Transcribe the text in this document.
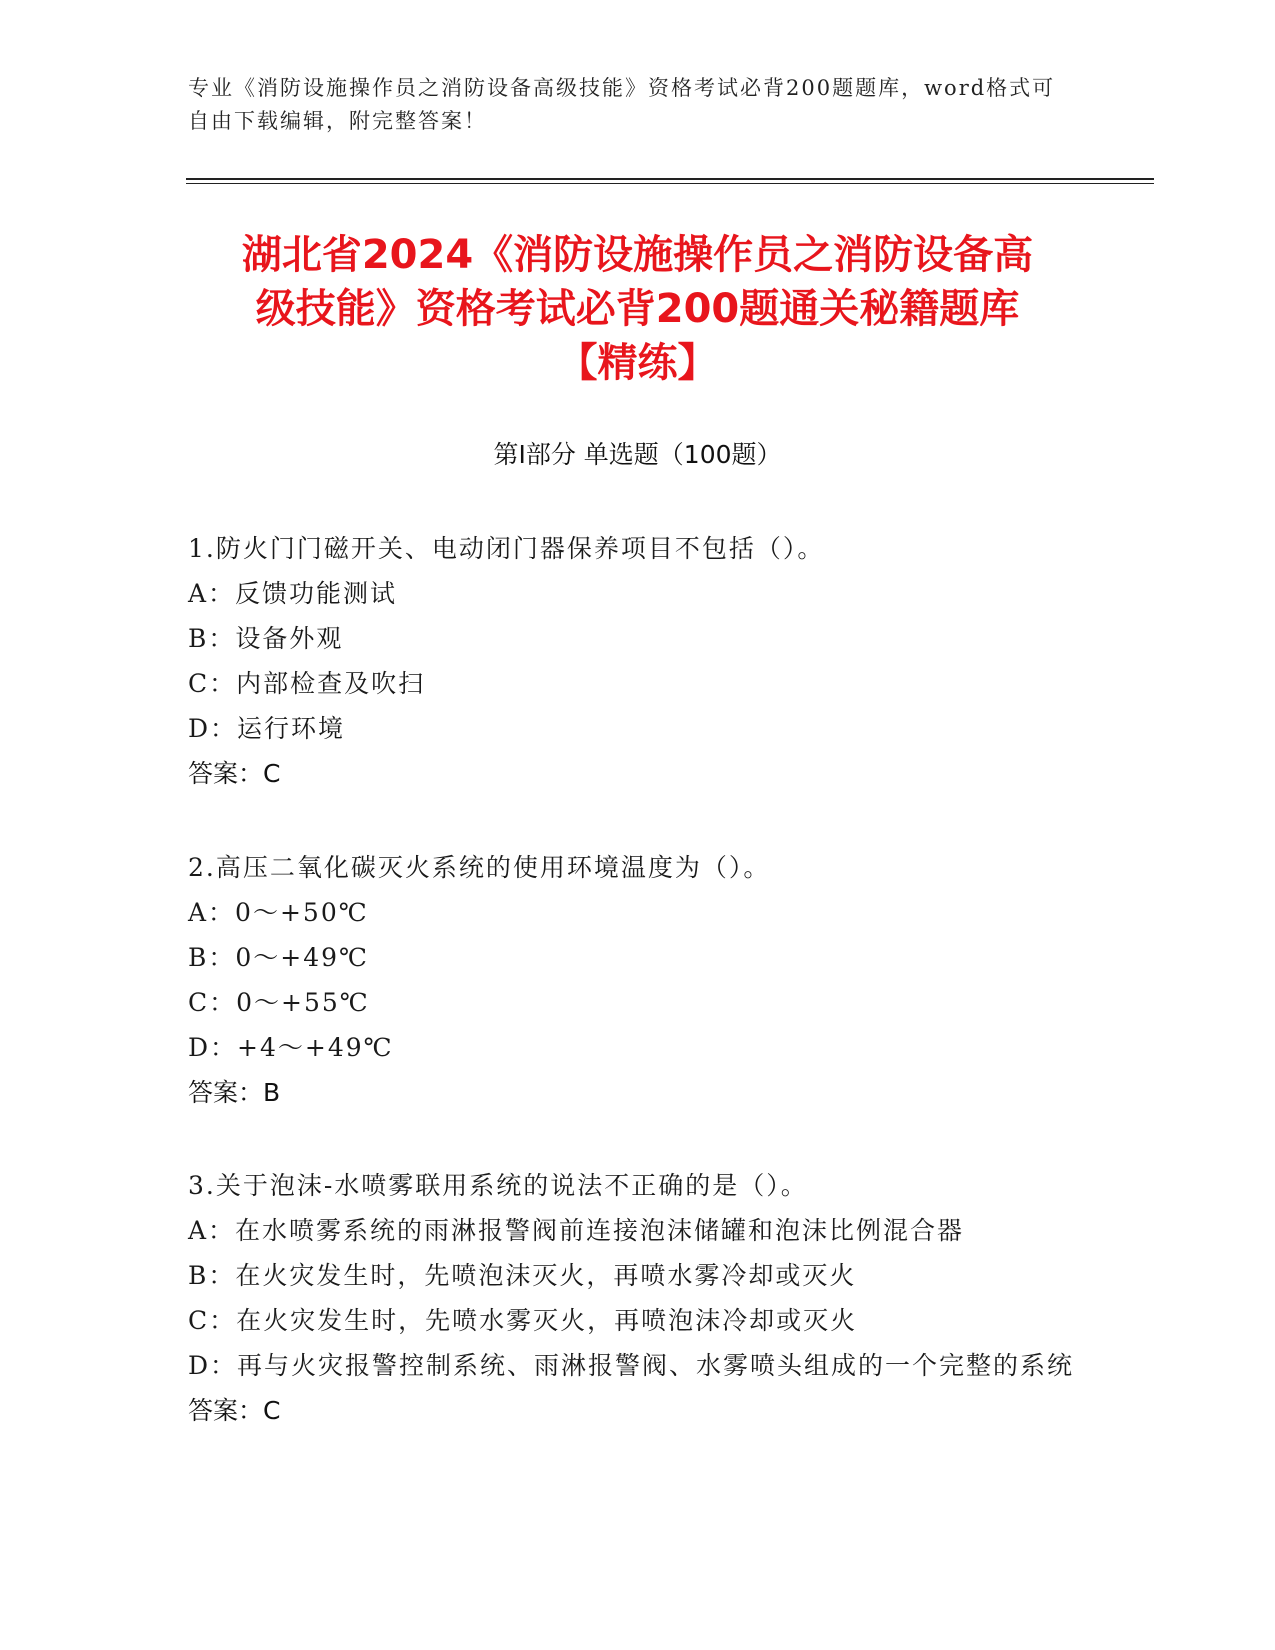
专业《消防设施操作员之消防设备高级技能》资格考试必背200题题库，word格式可自由下载编辑，附完整答案！
湖北省2024《消防设施操作员之消防设备高
级技能》资格考试必背200题通关秘籍题库
【精练】
第Ⅰ部分 单选题（100题）
1.防火门门磁开关、电动闭门器保养项目不包括（）。
A：反馈功能测试
B：设备外观
C：内部检查及吹扫
D：运行环境
答案：C
2.高压二氧化碳灭火系统的使用环境温度为（）。
A：0～+50℃
B：0～+49℃
C：0～+55℃
D：+4～+49℃
答案：B
3.关于泡沫-水喷雾联用系统的说法不正确的是（）。
A：在水喷雾系统的雨淋报警阀前连接泡沫储罐和泡沫比例混合器
B：在火灾发生时，先喷泡沫灭火，再喷水雾冷却或灭火
C：在火灾发生时，先喷水雾灭火，再喷泡沫冷却或灭火
D：再与火灾报警控制系统、雨淋报警阀、水雾喷头组成的一个完整的系统
答案：C
